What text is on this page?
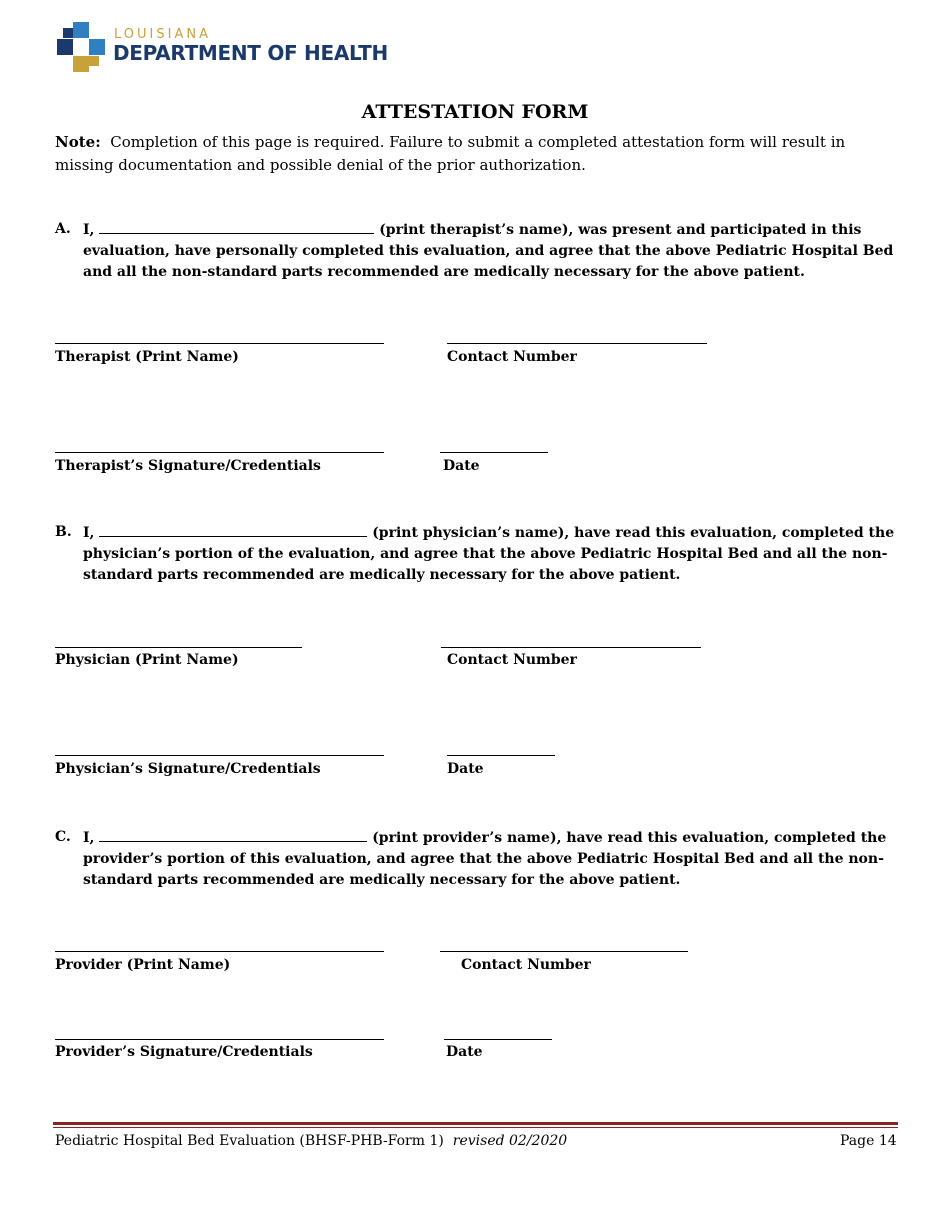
LOUISIANA
DEPARTMENT OF HEALTH
ATTESTATION FORM
Note: Completion of this page is required. Failure to submit a completed attestation form will result in missing documentation and possible denial of the prior authorization.
A. I,	(print therapist’s name), was present and participated in this evaluation, have personally completed this evaluation, and agree that the above Pediatric Hospital Bed and all the non-standard parts recommended are medically necessary for the above patient.
Therapist (Print Name)	Contact Number
Therapist’s Signature/Credentials	Date
B. I,	(print physician’s name), have read this evaluation, completed the physician’s portion of the evaluation, and agree that the above Pediatric Hospital Bed and all the non-standard parts recommended are medically necessary for the above patient.
Physician (Print Name)	Contact Number
Physician’s Signature/Credentials	Date
C. I,	(print provider’s name), have read this evaluation, completed the provider’s portion of this evaluation, and agree that the above Pediatric Hospital Bed and all the non-standard parts recommended are medically necessary for the above patient.
Provider (Print Name)	Contact Number
Provider’s Signature/Credentials	Date
Pediatric Hospital Bed Evaluation (BHSF-PHB-Form 1) revised 02/2020	Page 14
